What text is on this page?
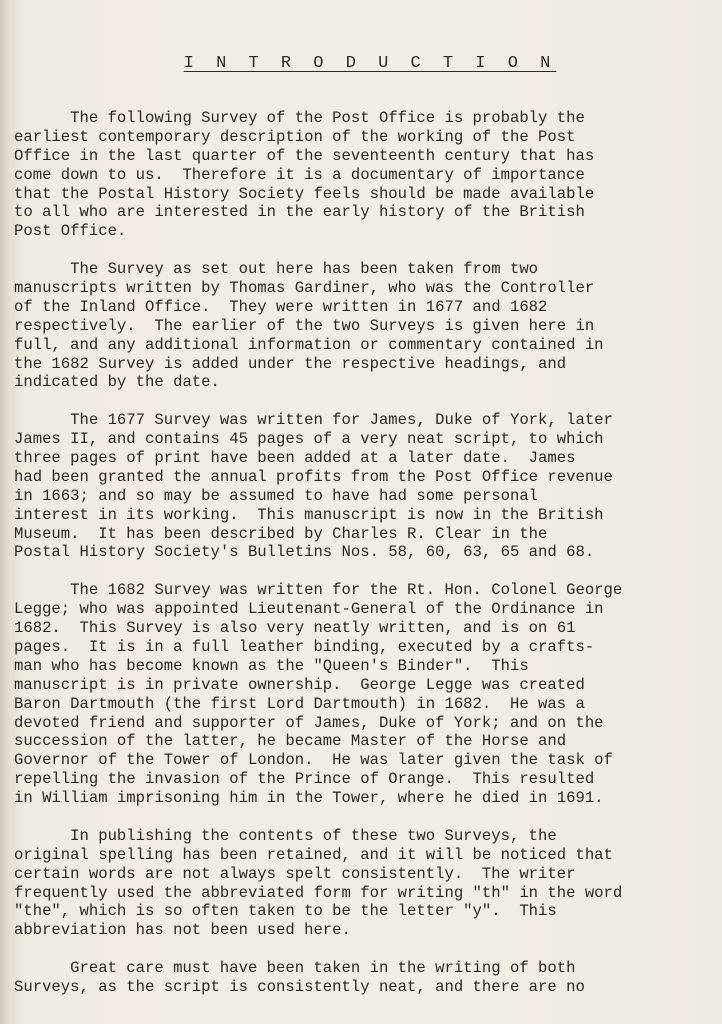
I N T R O D U C T I O N
The following Survey of the Post Office is probably the
earliest contemporary description of the working of the Post
Office in the last quarter of the seventeenth century that has
come down to us.  Therefore it is a documentary of importance
that the Postal History Society feels should be made available
to all who are interested in the early history of the British
Post Office.
The Survey as set out here has been taken from two
manuscripts written by Thomas Gardiner, who was the Controller
of the Inland Office.  They were written in 1677 and 1682
respectively.  The earlier of the two Surveys is given here in
full, and any additional information or commentary contained in
the 1682 Survey is added under the respective headings, and
indicated by the date.
The 1677 Survey was written for James, Duke of York, later
James II, and contains 45 pages of a very neat script, to which
three pages of print have been added at a later date.  James
had been granted the annual profits from the Post Office revenue
in 1663; and so may be assumed to have had some personal
interest in its working.  This manuscript is now in the British
Museum.  It has been described by Charles R. Clear in the
Postal History Society's Bulletins Nos. 58, 60, 63, 65 and 68.
The 1682 Survey was written for the Rt. Hon. Colonel George
Legge; who was appointed Lieutenant-General of the Ordinance in
1682.  This Survey is also very neatly written, and is on 61
pages.  It is in a full leather binding, executed by a crafts-
man who has become known as the "Queen's Binder".  This
manuscript is in private ownership.  George Legge was created
Baron Dartmouth (the first Lord Dartmouth) in 1682.  He was a
devoted friend and supporter of James, Duke of York; and on the
succession of the latter, he became Master of the Horse and
Governor of the Tower of London.  He was later given the task of
repelling the invasion of the Prince of Orange.  This resulted
in William imprisoning him in the Tower, where he died in 1691.
In publishing the contents of these two Surveys, the
original spelling has been retained, and it will be noticed that
certain words are not always spelt consistently.  The writer
frequently used the abbreviated form for writing "th" in the word
"the", which is so often taken to be the letter "y".  This
abbreviation has not been used here.
Great care must have been taken in the writing of both
Surveys, as the script is consistently neat, and there are no
